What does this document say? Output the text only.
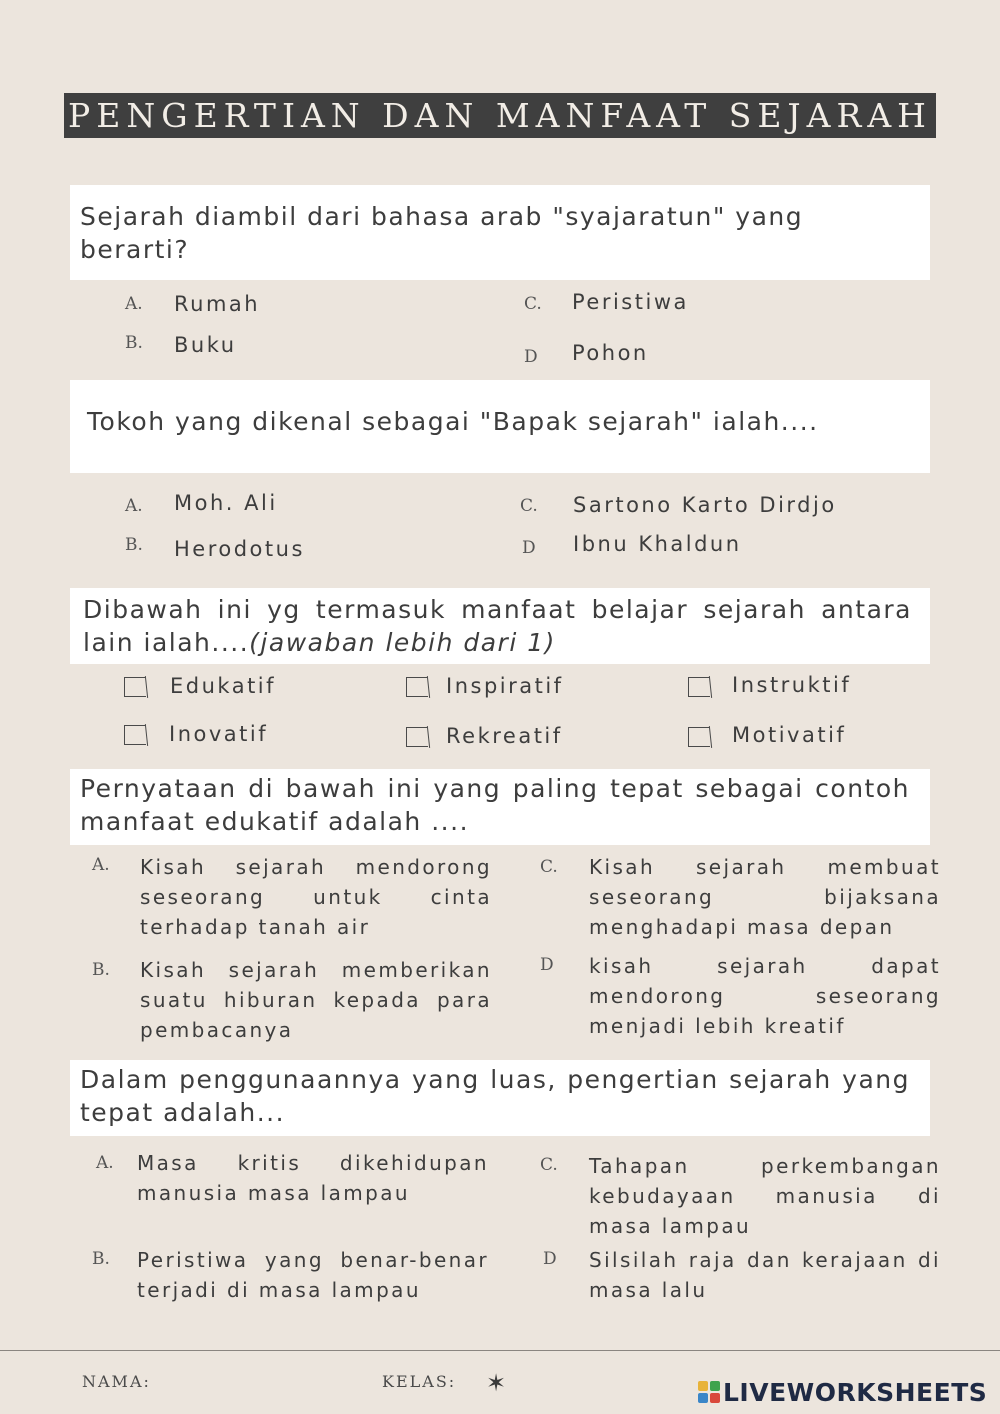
PENGERTIAN DAN MANFAAT SEJARAH
Sejarah diambil dari bahasa arab "syajaratun" yang berarti?
A. Rumah
B. Buku
C. Peristiwa
D Pohon
Tokoh yang dikenal sebagai "Bapak sejarah" ialah....
A. Moh. Ali
B. Herodotus
C. Sartono Karto Dirdjo
D Ibnu Khaldun
Dibawah ini yg termasuk manfaat belajar sejarah antara lain ialah....(jawaban lebih dari 1)
Edukatif	Inspiratif	Instruktif
Inovatif	Rekreatif	Motivatif
Pernyataan di bawah ini yang paling tepat sebagai contoh manfaat edukatif adalah ....
A. Kisah sejarah mendorong seseorang untuk cinta terhadap tanah air
B. Kisah sejarah memberikan suatu hiburan kepada para pembacanya
C. Kisah sejarah membuat seseorang bijaksana menghadapi masa depan
D kisah sejarah dapat mendorong seseorang menjadi lebih kreatif
Dalam penggunaannya yang luas, pengertian sejarah yang tepat adalah...
A. Masa kritis dikehidupan manusia masa lampau
B. Peristiwa yang benar-benar terjadi di masa lampau
C. Tahapan perkembangan kebudayaan manusia di masa lampau
D Silsilah raja dan kerajaan di masa lalu
NAMA:	KELAS: ✶	LIVEWORKSHEETS
